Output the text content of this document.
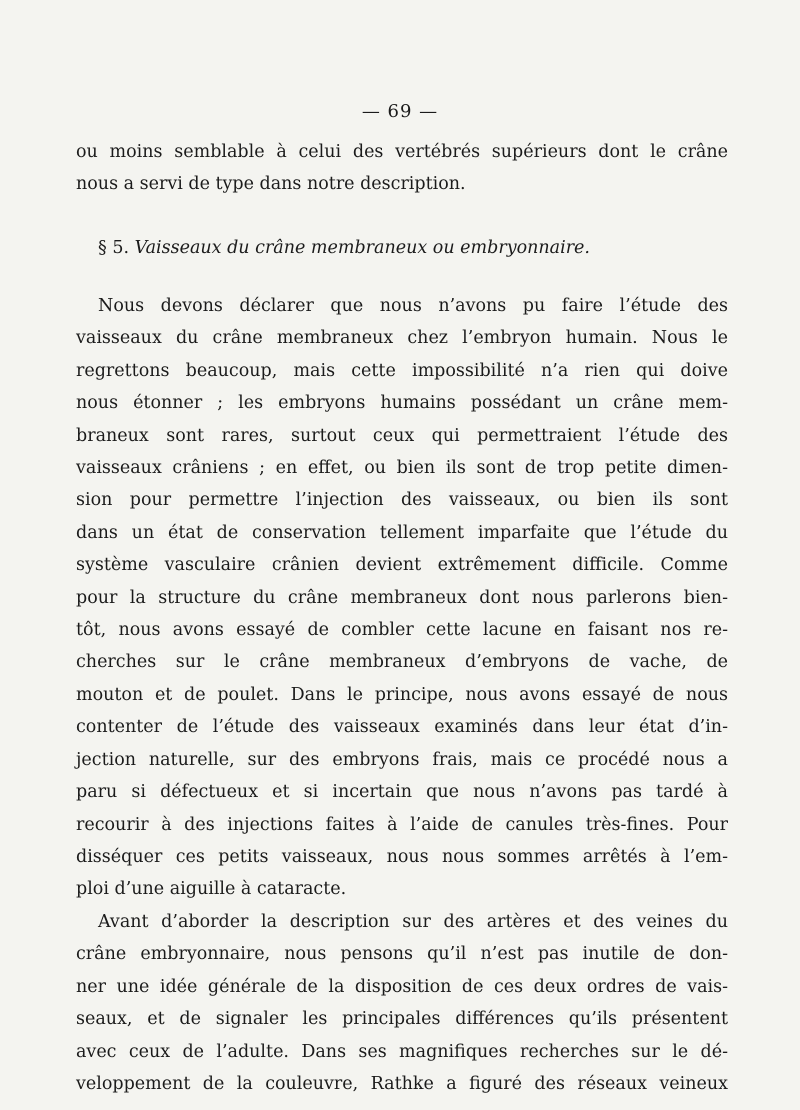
— 69 —
ou moins semblable à celui des vertébrés supérieurs dont le crâne
nous a servi de type dans notre description.
§ 5. Vaisseaux du crâne membraneux ou embryonnaire.
Nous devons déclarer que nous n’avons pu faire l’étude des
vaisseaux du crâne membraneux chez l’embryon humain. Nous le
regrettons beaucoup, mais cette impossibilité n’a rien qui doive
nous étonner ; les embryons humains possédant un crâne mem-
braneux sont rares, surtout ceux qui permettraient l’étude des
vaisseaux crâniens ; en effet, ou bien ils sont de trop petite dimen-
sion pour permettre l’injection des vaisseaux, ou bien ils sont
dans un état de conservation tellement imparfaite que l’étude du
système vasculaire crânien devient extrêmement difficile. Comme
pour la structure du crâne membraneux dont nous parlerons bien-
tôt, nous avons essayé de combler cette lacune en faisant nos re-
cherches sur le crâne membraneux d’embryons de vache, de
mouton et de poulet. Dans le principe, nous avons essayé de nous
contenter de l’étude des vaisseaux examinés dans leur état d’in-
jection naturelle, sur des embryons frais, mais ce procédé nous a
paru si défectueux et si incertain que nous n’avons pas tardé à
recourir à des injections faites à l’aide de canules très-fines. Pour
disséquer ces petits vaisseaux, nous nous sommes arrêtés à l’em-
ploi d’une aiguille à cataracte.
Avant d’aborder la description sur des artères et des veines du
crâne embryonnaire, nous pensons qu’il n’est pas inutile de don-
ner une idée générale de la disposition de ces deux ordres de vais-
seaux, et de signaler les principales différences qu’ils présentent
avec ceux de l’adulte. Dans ses magnifiques recherches sur le dé-
veloppement de la couleuvre, Rathke a figuré des réseaux veineux
